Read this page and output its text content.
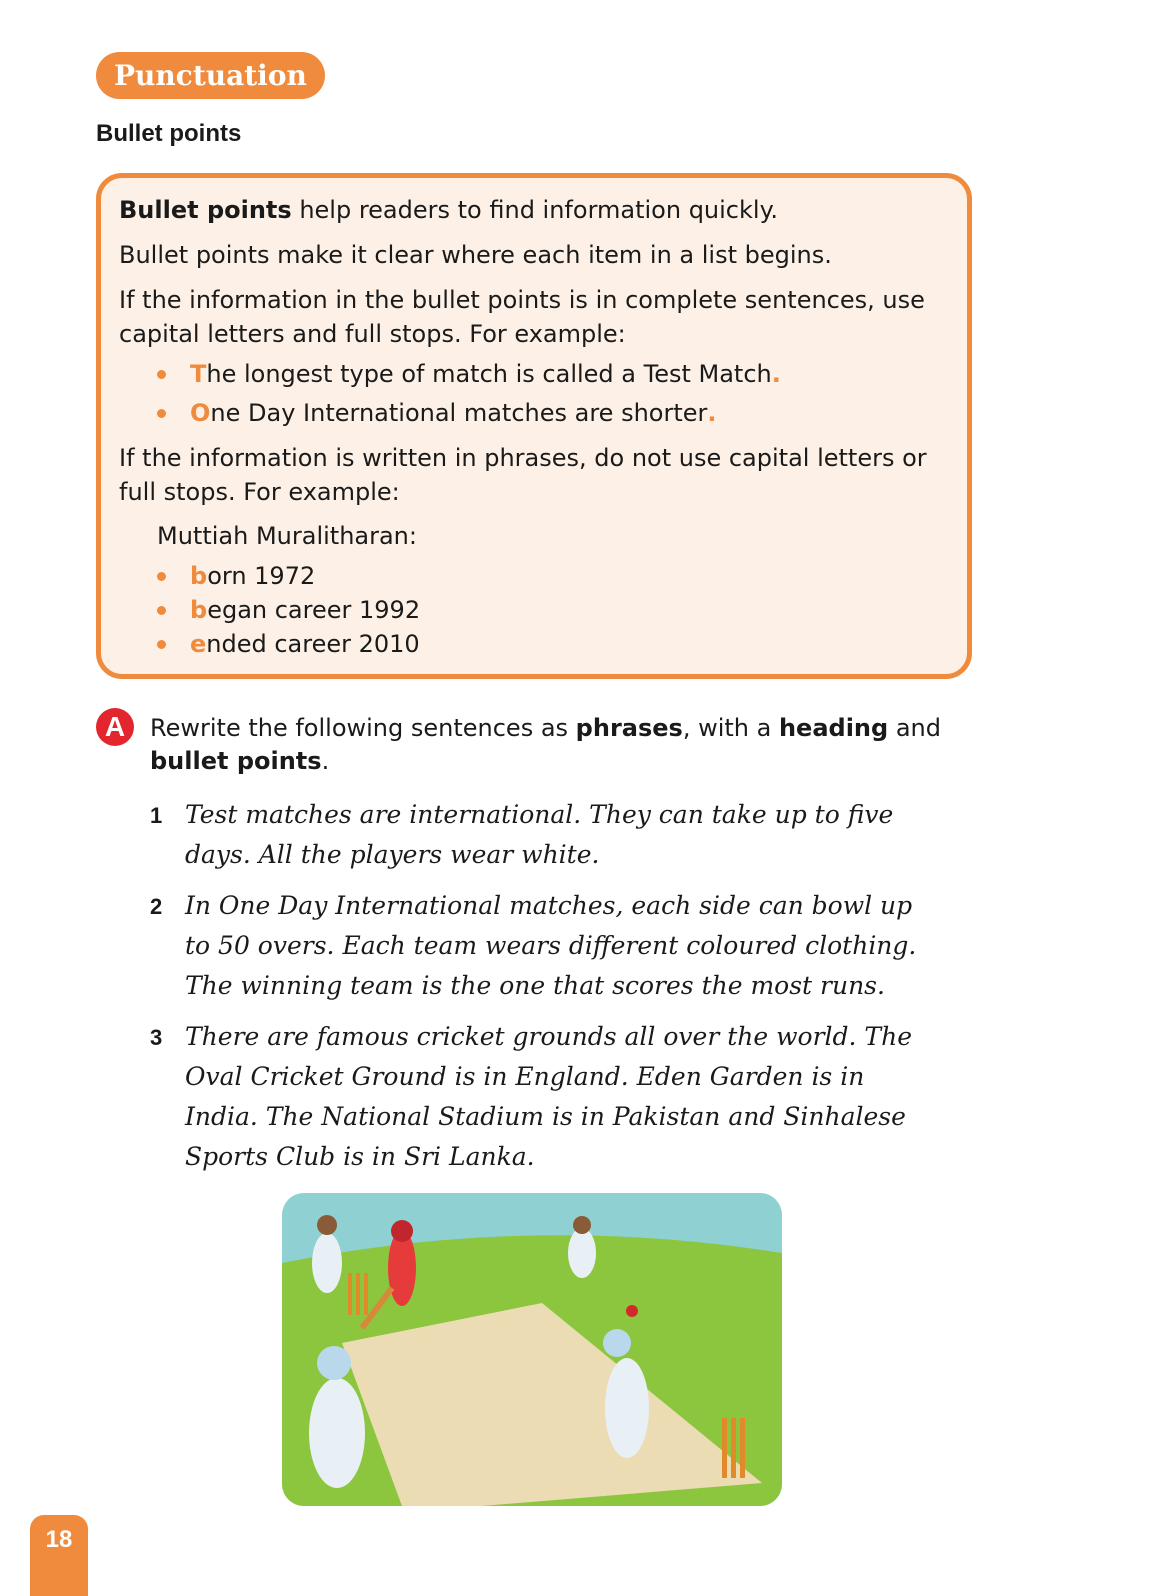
Punctuation
Bullet points

Bullet points help readers to find information quickly.

Bullet points make it clear where each item in a list begins.

If the information in the bullet points is in complete sentences, use capital letters and full stops. For example:

T he longest type of match is called a Test Match .
O ne Day International matches are shorter .

If the information is written in phrases, do not use capital letters or full stops. For example:

Muttiah Muralitharan:

b orn 1972
b egan career 1992
e nded career 2010
A	Rewrite the following sentences as phrases, with a heading and bullet points.
1 Test matches are international. They can take up to five days. All the players wear white.
2 In One Day International matches, each side can bowl up to 50 overs. Each team wears different coloured clothing. The winning team is the one that scores the most runs.
3 There are famous cricket grounds all over the world. The Oval Cricket Ground is in England. Eden Garden is in India. The National Stadium is in Pakistan and Sinhalese Sports Club is in Sri Lanka.
18
